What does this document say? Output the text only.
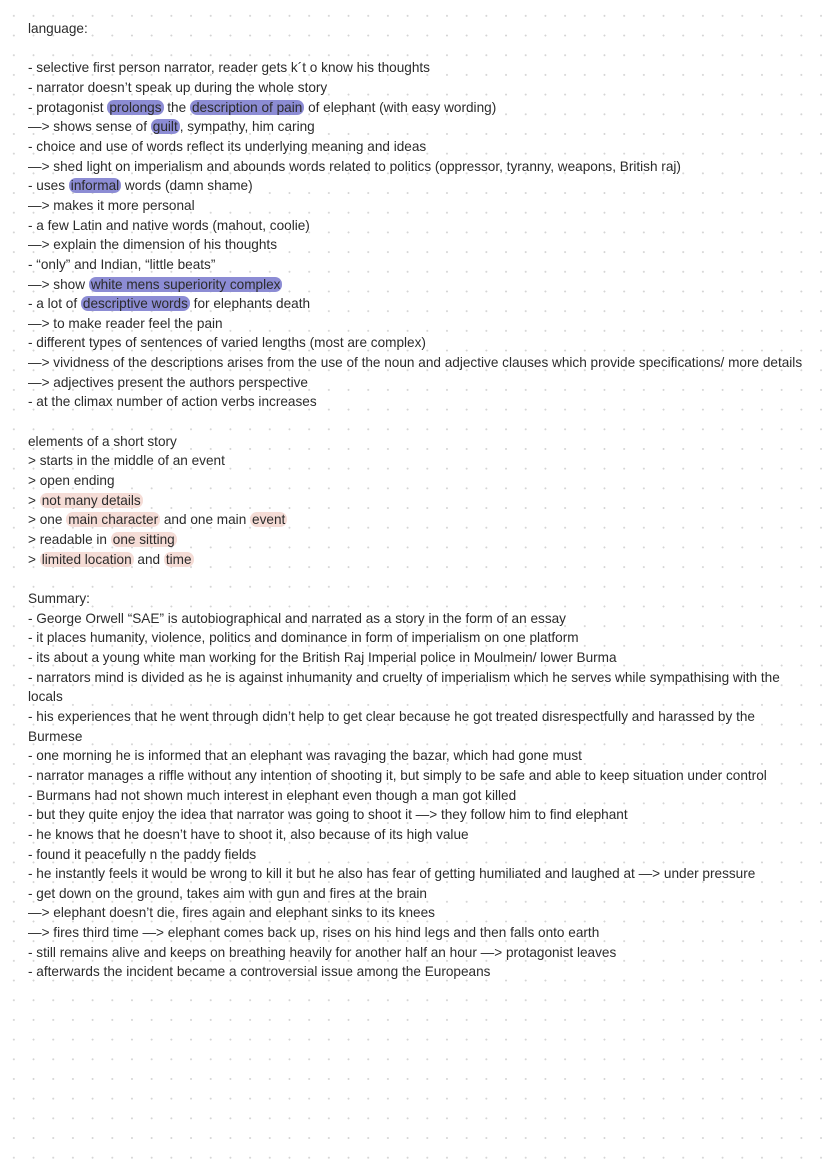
language:
- selective first person narrator, reader gets k´t o know his thoughts
- narrator doesn’t speak up during the whole story
- protagonist prolongs the description of pain of elephant (with easy wording)
—> shows sense of guilt , sympathy, him caring
- choice and use of words reflect its underlying meaning and ideas
—> shed light on imperialism and abounds words related to politics (oppressor, tyranny, weapons, British raj)
- uses informal words (damn shame)
—> makes it more personal
- a few Latin and native words (mahout, coolie)
—> explain the dimension of his thoughts
- “only” and Indian, “little beats”
—> show white mens superiority complex
- a lot of descriptive words for elephants death
—> to make reader feel the pain
- different types of sentences of varied lengths (most are complex)
—> vividness of the descriptions arises from the use of the noun and adjective clauses which provide specifications/ more details
—> adjectives present the authors perspective
- at the climax number of action verbs increases
elements of a short story
> starts in the middle of an event
> open ending
> not many details
> one main character and one main event
> readable in one sitting
> limited location and time
Summary:
- George Orwell “SAE” is autobiographical and narrated as a story in the form of an essay
- it places humanity, violence, politics and dominance in form of imperialism on one platform
- its about a young white man working for the British Raj Imperial police in Moulmein/ lower Burma
- narrators mind is divided as he is against inhumanity and cruelty of imperialism which he serves while sympathising with the locals
- his experiences that he went through didn’t help to get clear because he got treated disrespectfully and harassed by the Burmese
- one morning he is informed that an elephant was ravaging the bazar, which had gone must
- narrator manages a riffle without any intention of shooting it, but simply to be safe and able to keep situation under control
- Burmans had not shown much interest in elephant even though a man got killed
- but they quite enjoy the idea that narrator was going to shoot it —> they follow him to find elephant
- he knows that he doesn’t have to shoot it, also because of its high value
- found it peacefully n the paddy fields
- he instantly feels it would be wrong to kill it but he also has fear of getting humiliated and laughed at —> under pressure
- get down on the ground, takes aim with gun and fires at the brain
—> elephant doesn’t die, fires again and elephant sinks to its knees
—> fires third time —> elephant comes back up, rises on his hind legs and then falls onto earth
- still remains alive and keeps on breathing heavily for another half an hour —> protagonist leaves
- afterwards the incident became a controversial issue among the Europeans
